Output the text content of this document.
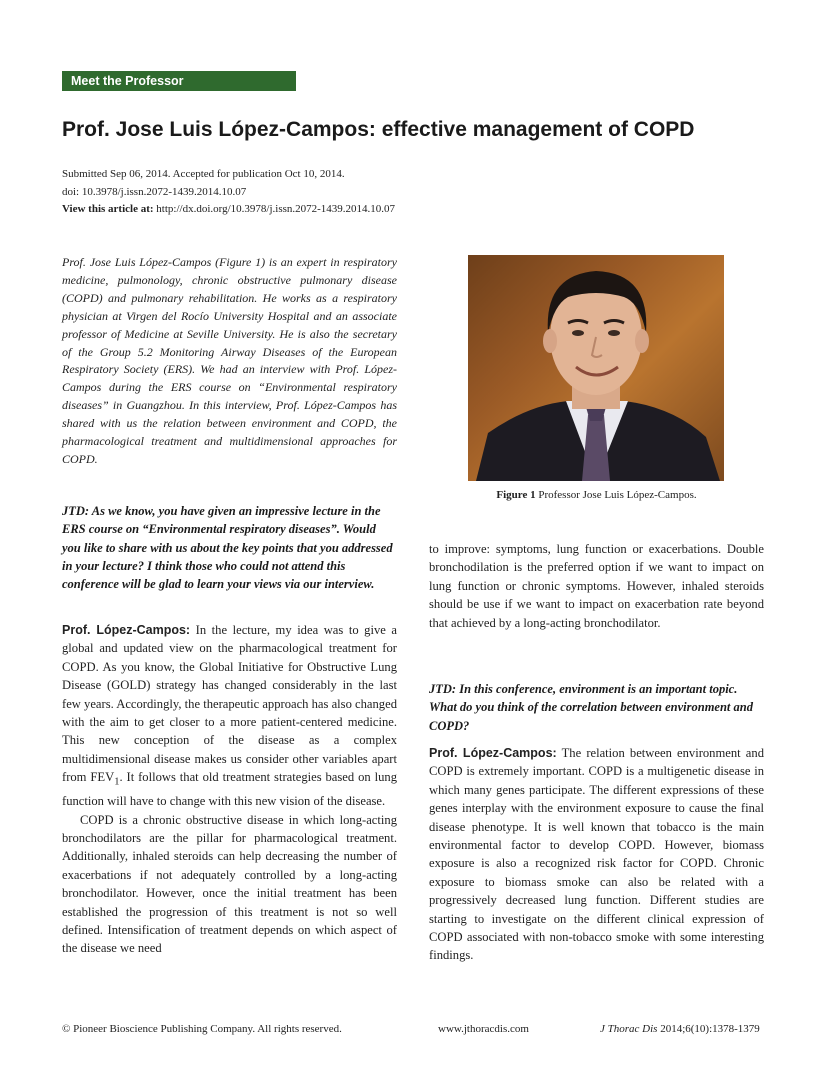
Meet the Professor
Prof. Jose Luis López-Campos: effective management of COPD
Submitted Sep 06, 2014. Accepted for publication Oct 10, 2014.
doi: 10.3978/j.issn.2072-1439.2014.10.07
View this article at: http://dx.doi.org/10.3978/j.issn.2072-1439.2014.10.07
Prof. Jose Luis López-Campos (Figure 1) is an expert in respiratory medicine, pulmonology, chronic obstructive pulmonary disease (COPD) and pulmonary rehabilitation. He works as a respiratory physician at Virgen del Rocío University Hospital and an associate professor of Medicine at Seville University. He is also the secretary of the Group 5.2 Monitoring Airway Diseases of the European Respiratory Society (ERS). We had an interview with Prof. López-Campos during the ERS course on “Environmental respiratory diseases” in Guangzhou. In this interview, Prof. López-Campos has shared with us the relation between environment and COPD, the pharmacological treatment and multidimensional approaches for COPD.
Figure 1 Professor Jose Luis López-Campos.
JTD: As we know, you have given an impressive lecture in the ERS course on “Environmental respiratory diseases”. Would you like to share with us about the key points that you addressed in your lecture? I think those who could not attend this conference will be glad to learn your views via our interview.

Prof. López-Campos: In the lecture, my idea was to give a global and updated view on the pharmacological treatment for COPD. As you know, the Global Initiative for Obstructive Lung Disease (GOLD) strategy has changed considerably in the last few years. Accordingly, the therapeutic approach has also changed with the aim to get closer to a more patient-centered medicine. This new conception of the disease as a complex multidimensional disease makes us consider other variables apart from $FEV_1$. It follows that old treatment strategies based on lung function will have to change with this new vision of the disease.

COPD is a chronic obstructive disease in which long-acting bronchodilators are the pillar for pharmacological treatment. Additionally, inhaled steroids can help decreasing the number of exacerbations if not adequately controlled by a long-acting bronchodilator. However, once the initial treatment has been established the progression of this treatment is not so well defined. Intensification of treatment depends on which aspect of the disease we need

to improve: symptoms, lung function or exacerbations. Double bronchodilation is the preferred option if we want to impact on lung function or chronic symptoms. However, inhaled steroids should be use if we want to impact on exacerbation rate beyond that achieved by a long-acting bronchodilator.

JTD: In this conference, environment is an important topic. What do you think of the correlation between environment and COPD?

Prof. López-Campos: The relation between environment and COPD is extremely important. COPD is a multigenetic disease in which many genes participate. The different expressions of these genes interplay with the environment exposure to cause the final disease phenotype. It is well known that tobacco is the main environmental factor to develop COPD. However, biomass exposure is also a recognized risk factor for COPD. Chronic exposure to biomass smoke can also be related with a progressively decreased lung function. Different studies are starting to investigate on the different clinical expression of COPD associated with non-tobacco smoke with some interesting findings.

© Pioneer Bioscience Publishing Company. All rights reserved.	www.jthoracdis.com	J Thorac Dis 2014;6(10):1378-1379
